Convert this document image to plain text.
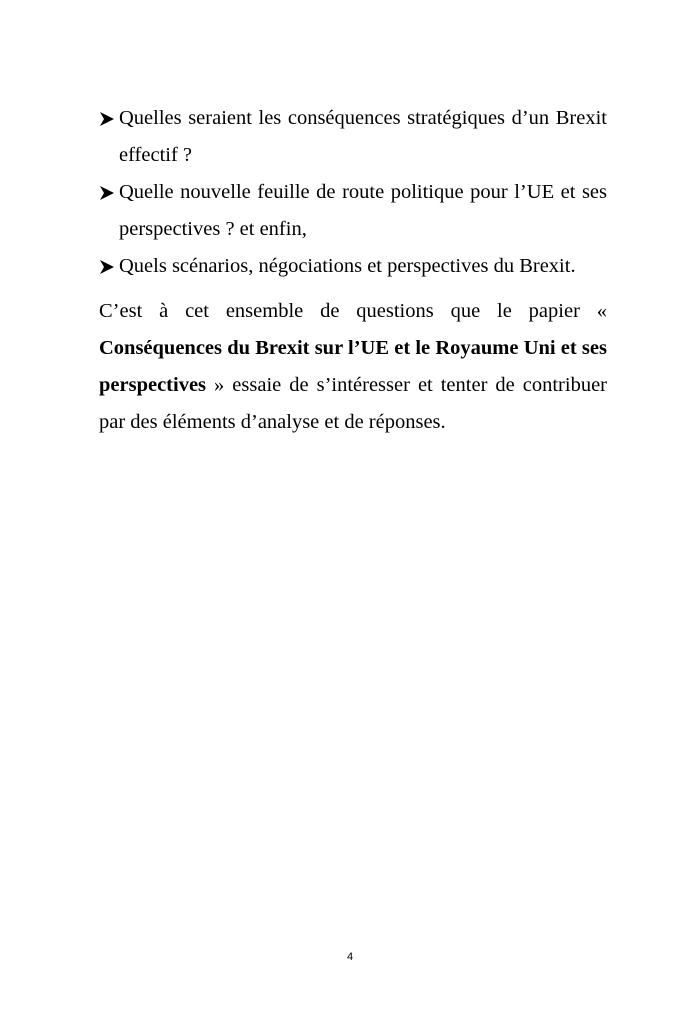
Quelles seraient les conséquences stratégiques d’un Brexit effectif ?
Quelle nouvelle feuille de route politique pour l’UE et ses perspectives ? et enfin,
Quels scénarios, négociations et perspectives du Brexit.

C’est à cet ensemble de questions que le papier « Conséquences du Brexit sur l’UE et le Royaume Uni et ses perspectives » essaie de s’intéresser et tenter de contribuer par des éléments d’analyse et de réponses.

4
